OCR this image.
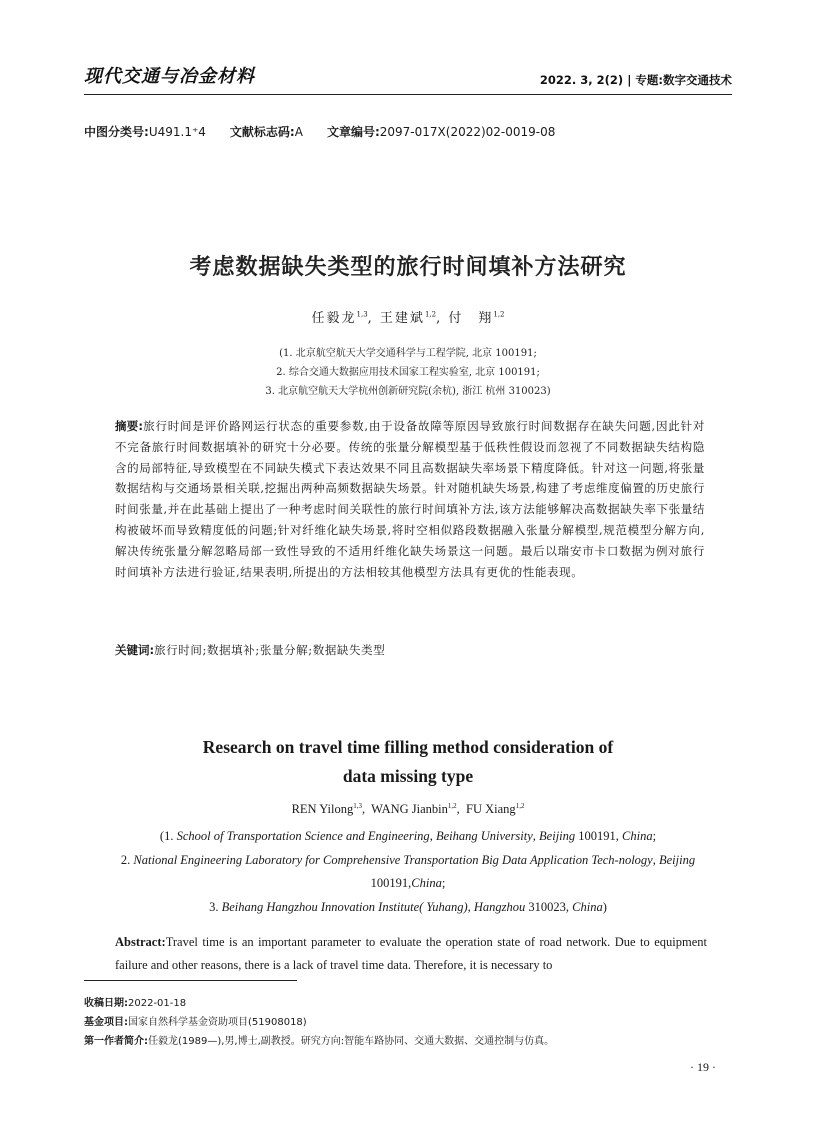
现代交通与冶金材料	2022. 3, 2(2) | 专题:数字交通技术
中图分类号:U491.1⁺4 文献标志码:A 文章编号:2097-017X(2022)02-0019-08
考虑数据缺失类型的旅行时间填补方法研究
任毅龙$^{1,3}$, 王建斌$^{1,2}$, 付　翔$^{1,2}$
(1. 北京航空航天大学交通科学与工程学院, 北京 100191;
2. 综合交通大数据应用技术国家工程实验室, 北京 100191;
3. 北京航空航天大学杭州创新研究院(余杭), 浙江 杭州 310023)
摘要:旅行时间是评价路网运行状态的重要参数,由于设备故障等原因导致旅行时间数据存在缺失问题,因此针对不完备旅行时间数据填补的研究十分必要。传统的张量分解模型基于低秩性假设而忽视了不同数据缺失结构隐含的局部特征,导致模型在不同缺失模式下表达效果不同且高数据缺失率场景下精度降低。针对这一问题,将张量数据结构与交通场景相关联,挖掘出两种高频数据缺失场景。针对随机缺失场景,构建了考虑维度偏置的历史旅行时间张量,并在此基础上提出了一种考虑时间关联性的旅行时间填补方法,该方法能够解决高数据缺失率下张量结构被破坏而导致精度低的问题;针对纤维化缺失场景,将时空相似路段数据融入张量分解模型,规范模型分解方向,解决传统张量分解忽略局部一致性导致的不适用纤维化缺失场景这一问题。最后以瑞安市卡口数据为例对旅行时间填补方法进行验证,结果表明,所提出的方法相较其他模型方法具有更优的性能表现。
关键词:旅行时间;数据填补;张量分解;数据缺失类型
Research on travel time filling method consideration of
data missing type
REN Yilong$^{1,3}$,  WANG Jianbin$^{1,2}$,  FU Xiang$^{1,2}$
(1. School of Transportation Science and Engineering, Beihang University, Beijing 100191, China;
2. National Engineering Laboratory for Comprehensive Transportation Big Data Application Tech-nology, Beijing 100191,China;
3. Beihang Hangzhou Innovation Institute( Yuhang), Hangzhou 310023, China)
Abstract:Travel time is an important parameter to evaluate the operation state of road network. Due to equipment failure and other reasons, there is a lack of travel time data. Therefore, it is necessary to
收稿日期:2022-01-18
基金项目:国家自然科学基金资助项目(51908018)
第一作者简介:任毅龙(1989—),男,博士,副教授。研究方向:智能车路协同、交通大数据、交通控制与仿真。
· 19 ·
